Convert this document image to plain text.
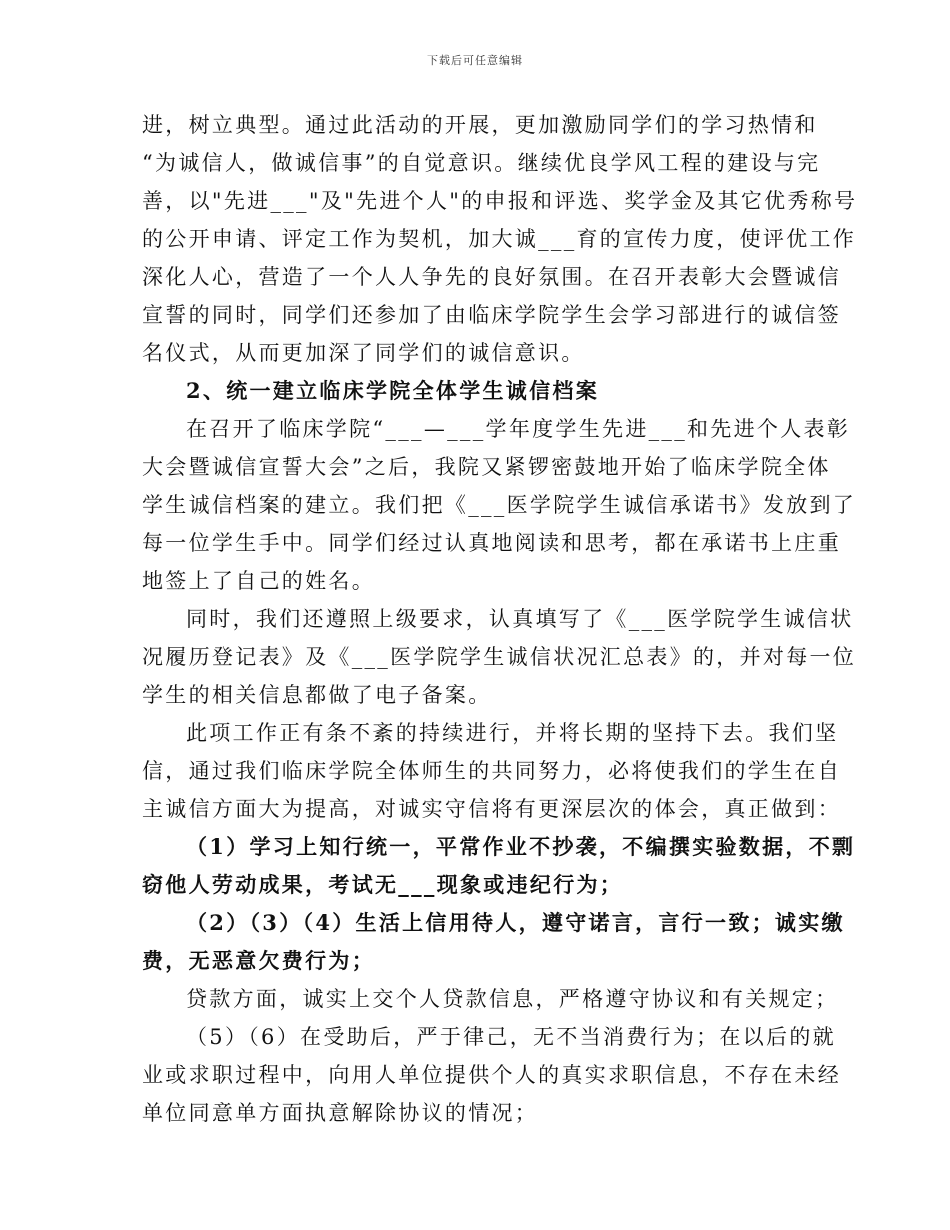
下载后可任意编辑
进，树立典型。通过此活动的开展，更加激励同学们的学习热情和
“为诚信人，做诚信事”的自觉意识。继续优良学风工程的建设与完
善，以"先进___"及"先进个人"的申报和评选、奖学金及其它优秀称号
的公开申请、评定工作为契机，加大诚___育的宣传力度，使评优工作
深化人心，营造了一个人人争先的良好氛围。在召开表彰大会暨诚信
宣誓的同时，同学们还参加了由临床学院学生会学习部进行的诚信签
名仪式，从而更加深了同学们的诚信意识。
2、统一建立临床学院全体学生诚信档案
在召开了临床学院“___—___学年度学生先进___和先进个人表彰
大会暨诚信宣誓大会”之后，我院又紧锣密鼓地开始了临床学院全体
学生诚信档案的建立。我们把《___医学院学生诚信承诺书》发放到了
每一位学生手中。同学们经过认真地阅读和思考，都在承诺书上庄重
地签上了自己的姓名。
同时，我们还遵照上级要求，认真填写了《___医学院学生诚信状
况履历登记表》及《___医学院学生诚信状况汇总表》的，并对每一位
学生的相关信息都做了电子备案。
此项工作正有条不紊的持续进行，并将长期的坚持下去。我们坚
信，通过我们临床学院全体师生的共同努力，必将使我们的学生在自
主诚信方面大为提高，对诚实守信将有更深层次的体会，真正做到：
（1）学习上知行统一，平常作业不抄袭，不编撰实验数据，不剽
窃他人劳动成果，考试无___现象或违纪行为；
（2）（3）（4）生活上信用待人，遵守诺言，言行一致；诚实缴
费，无恶意欠费行为；
贷款方面，诚实上交个人贷款信息，严格遵守协议和有关规定；
（5）（6）在受助后，严于律己，无不当消费行为；在以后的就
业或求职过程中，向用人单位提供个人的真实求职信息，不存在未经
单位同意单方面执意解除协议的情况；
